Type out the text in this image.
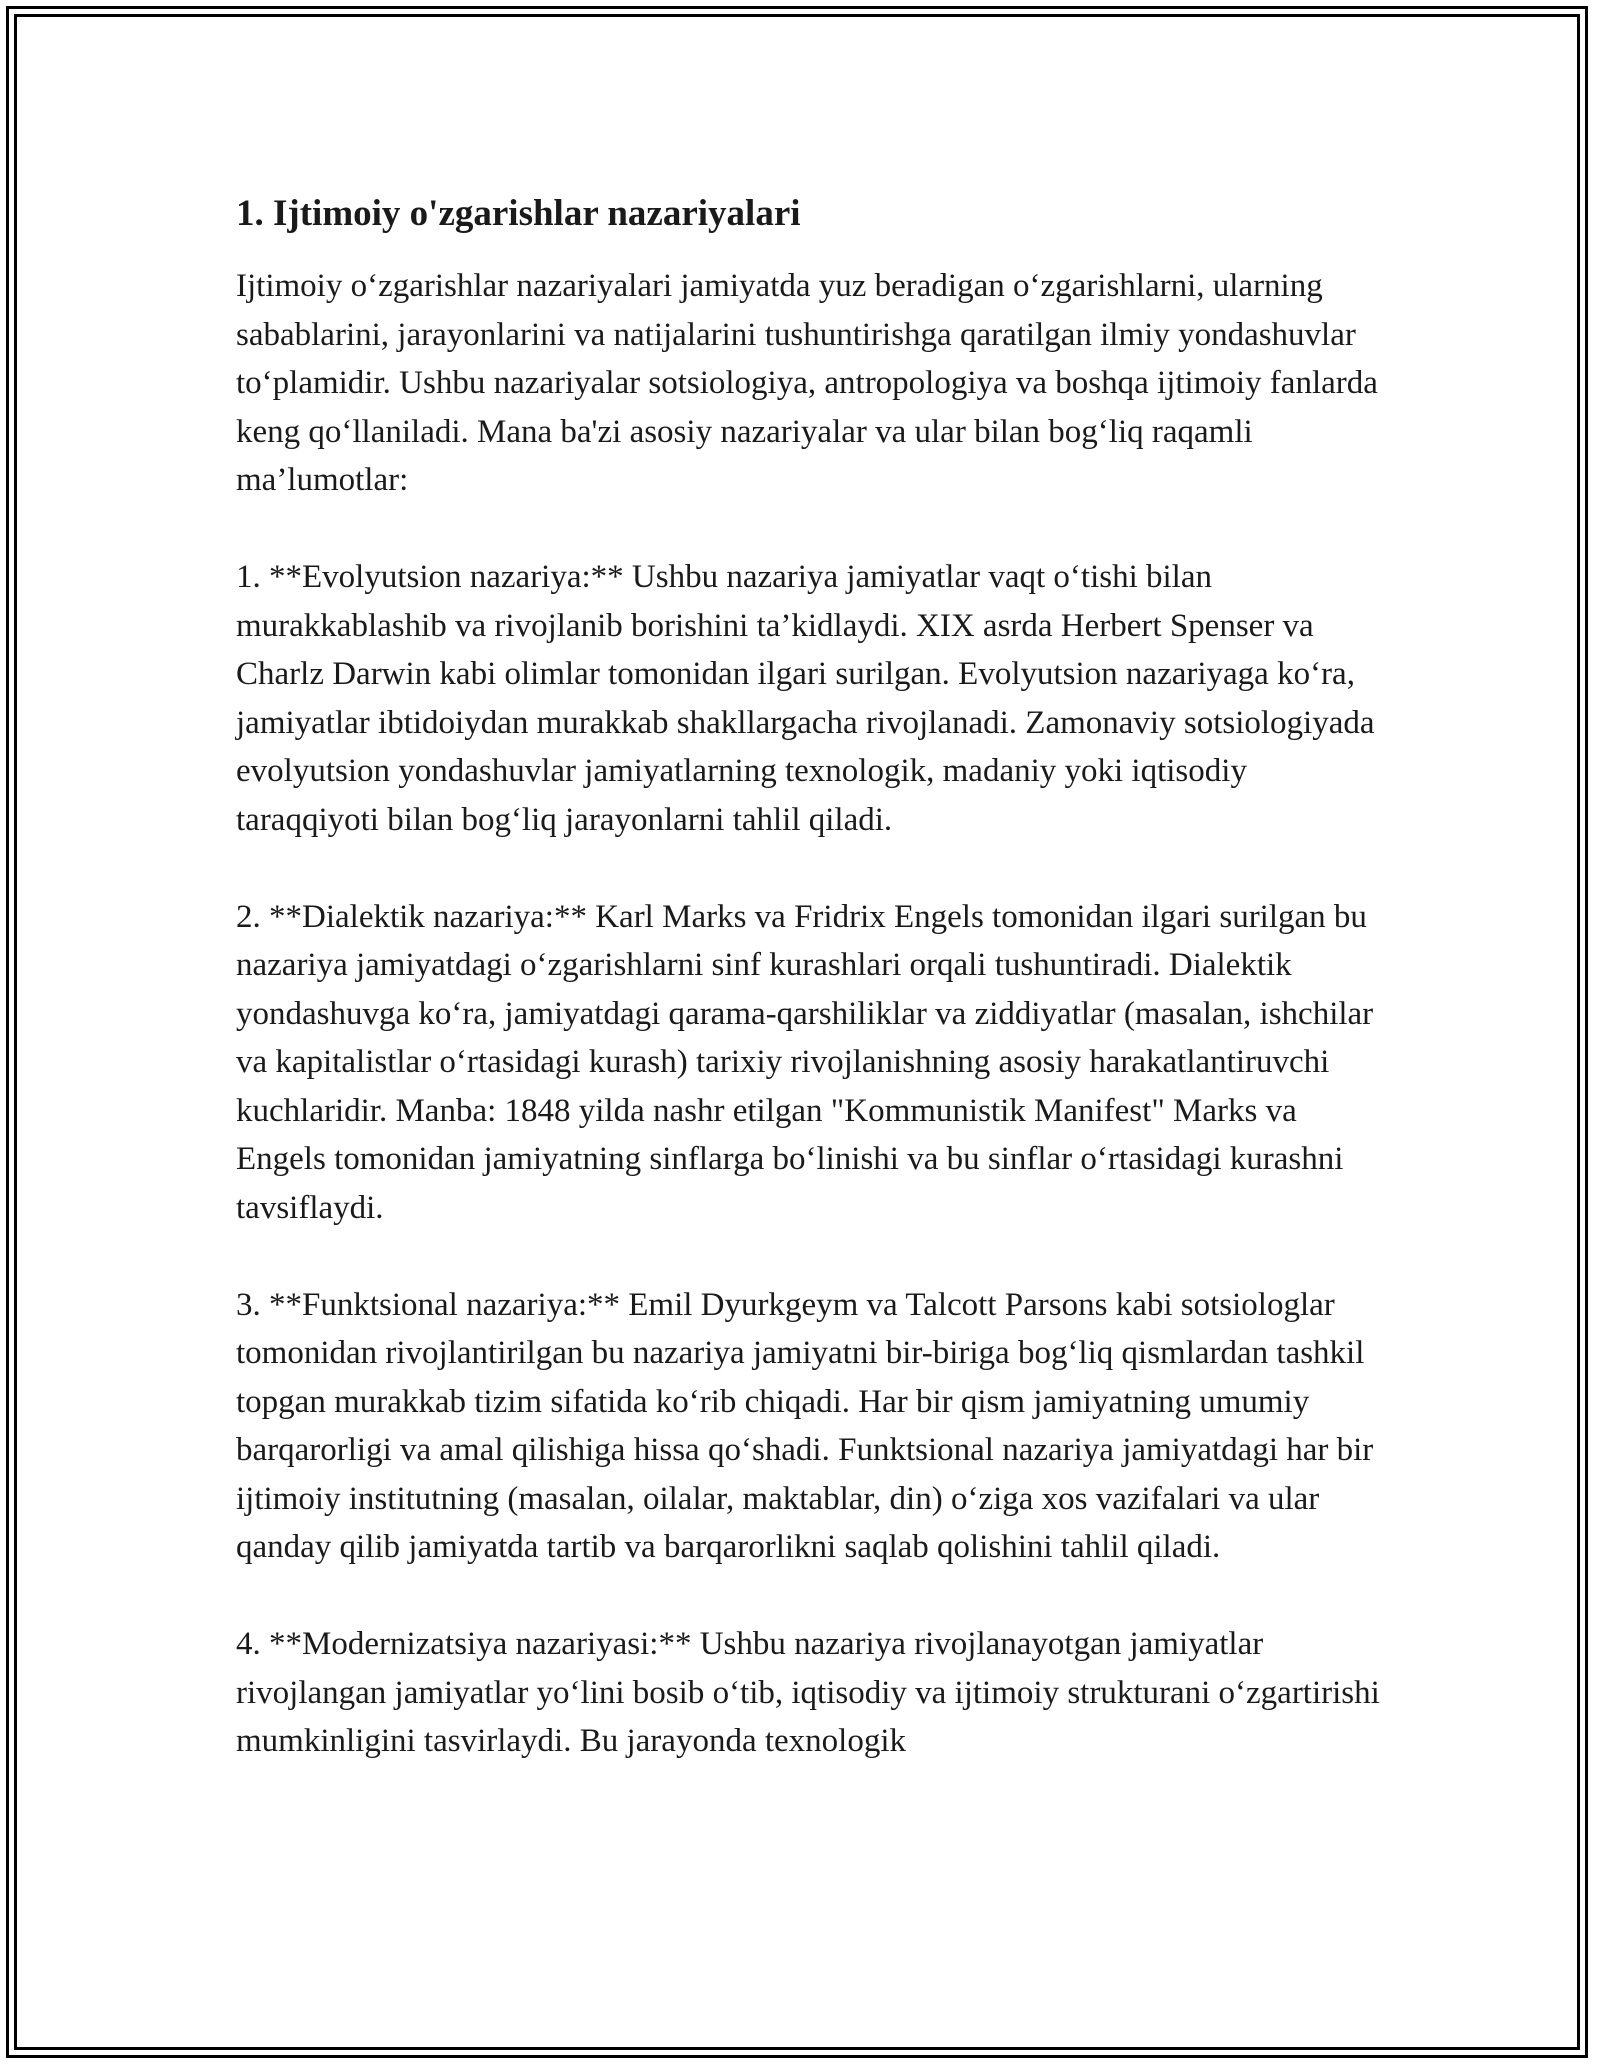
1. Ijtimoiy o'zgarishlar nazariyalari

Ijtimoiy o‘zgarishlar nazariyalari jamiyatda yuz beradigan o‘zgarishlarni, ularning sabablarini, jarayonlarini va natijalarini tushuntirishga qaratilgan ilmiy yondashuvlar to‘plamidir. Ushbu nazariyalar sotsiologiya, antropologiya va boshqa ijtimoiy fanlarda keng qo‘llaniladi. Mana ba'zi asosiy nazariyalar va ular bilan bog‘liq raqamli ma’lumotlar:

1. **Evolyutsion nazariya:** Ushbu nazariya jamiyatlar vaqt o‘tishi bilan murakkablashib va rivojlanib borishini ta’kidlaydi. XIX asrda Herbert Spenser va Charlz Darwin kabi olimlar tomonidan ilgari surilgan. Evolyutsion nazariyaga ko‘ra, jamiyatlar ibtidoiydan murakkab shakllargacha rivojlanadi. Zamonaviy sotsiologiyada evolyutsion yondashuvlar jamiyatlarning texnologik, madaniy yoki iqtisodiy taraqqiyoti bilan bog‘liq jarayonlarni tahlil qiladi.

2. **Dialektik nazariya:** Karl Marks va Fridrix Engels tomonidan ilgari surilgan bu nazariya jamiyatdagi o‘zgarishlarni sinf kurashlari orqali tushuntiradi. Dialektik yondashuvga ko‘ra, jamiyatdagi qarama-qarshiliklar va ziddiyatlar (masalan, ishchilar va kapitalistlar o‘rtasidagi kurash) tarixiy rivojlanishning asosiy harakatlantiruvchi kuchlaridir. Manba: 1848 yilda nashr etilgan "Kommunistik Manifest" Marks va Engels tomonidan jamiyatning sinflarga bo‘linishi va bu sinflar o‘rtasidagi kurashni tavsiflaydi.

3. **Funktsional nazariya:** Emil Dyurkgeym va Talcott Parsons kabi sotsiologlar tomonidan rivojlantirilgan bu nazariya jamiyatni bir-biriga bog‘liq qismlardan tashkil topgan murakkab tizim sifatida ko‘rib chiqadi. Har bir qism jamiyatning umumiy barqarorligi va amal qilishiga hissa qo‘shadi. Funktsional nazariya jamiyatdagi har bir ijtimoiy institutning (masalan, oilalar, maktablar, din) o‘ziga xos vazifalari va ular qanday qilib jamiyatda tartib va barqarorlikni saqlab qolishini tahlil qiladi.

4. **Modernizatsiya nazariyasi:** Ushbu nazariya rivojlanayotgan jamiyatlar rivojlangan jamiyatlar yo‘lini bosib o‘tib, iqtisodiy va ijtimoiy strukturani o‘zgartirishi mumkinligini tasvirlaydi. Bu jarayonda texnologik
